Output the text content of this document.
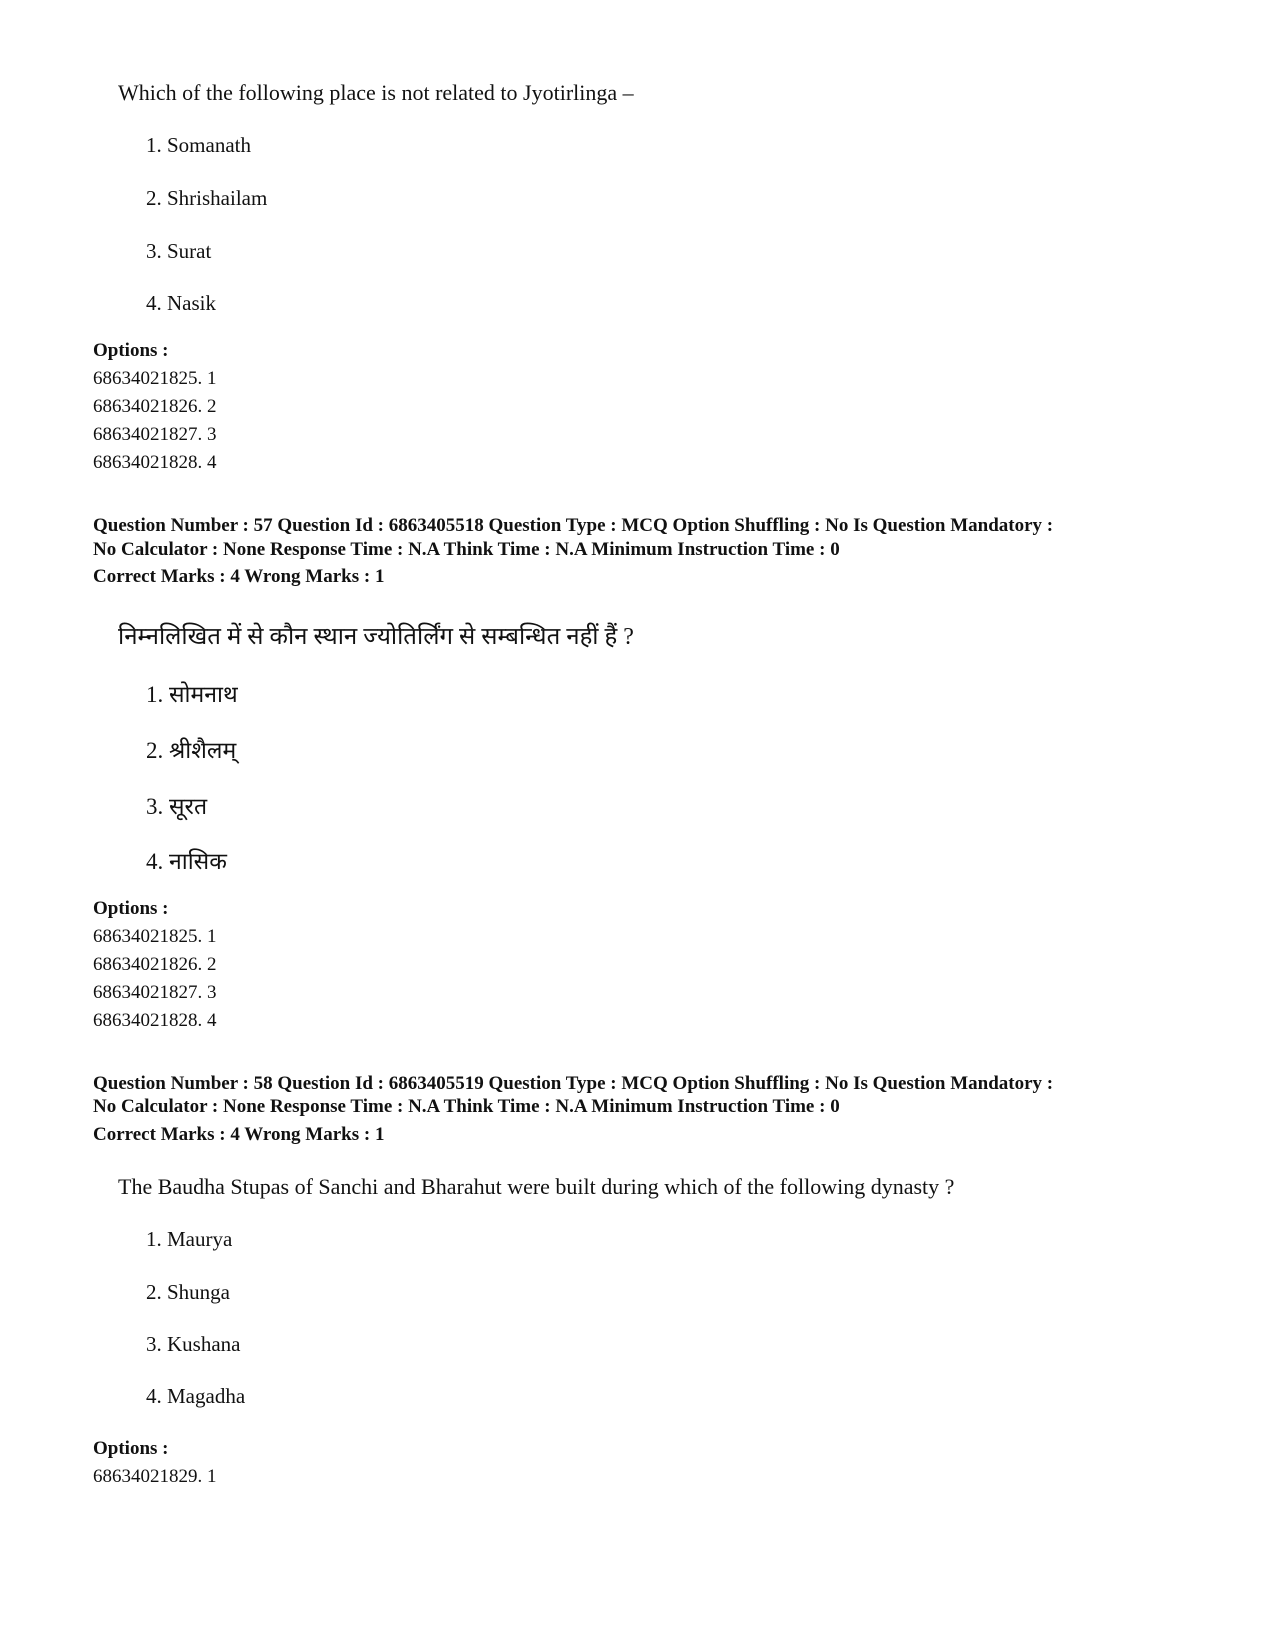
Which of the following place is not related to Jyotirlinga –
1. Somanath
2. Shrishailam
3. Surat
4. Nasik
Options :
68634021825. 1
68634021826. 2
68634021827. 3
68634021828. 4
Question Number : 57 Question Id : 6863405518 Question Type : MCQ Option Shuffling : No Is Question Mandatory :
No Calculator : None Response Time : N.A Think Time : N.A Minimum Instruction Time : 0
Correct Marks : 4 Wrong Marks : 1
निम्नलिखित में से कौन स्थान ज्योतिर्लिंग से सम्बन्धित नहीं हैं ?
1. सोमनाथ
2. श्रीशैलम्
3. सूरत
4. नासिक
Options :
68634021825. 1
68634021826. 2
68634021827. 3
68634021828. 4
Question Number : 58 Question Id : 6863405519 Question Type : MCQ Option Shuffling : No Is Question Mandatory :
No Calculator : None Response Time : N.A Think Time : N.A Minimum Instruction Time : 0
Correct Marks : 4 Wrong Marks : 1
The Baudha Stupas of Sanchi and Bharahut were built during which of the following dynasty ?
1. Maurya
2. Shunga
3. Kushana
4. Magadha
Options :
68634021829. 1
